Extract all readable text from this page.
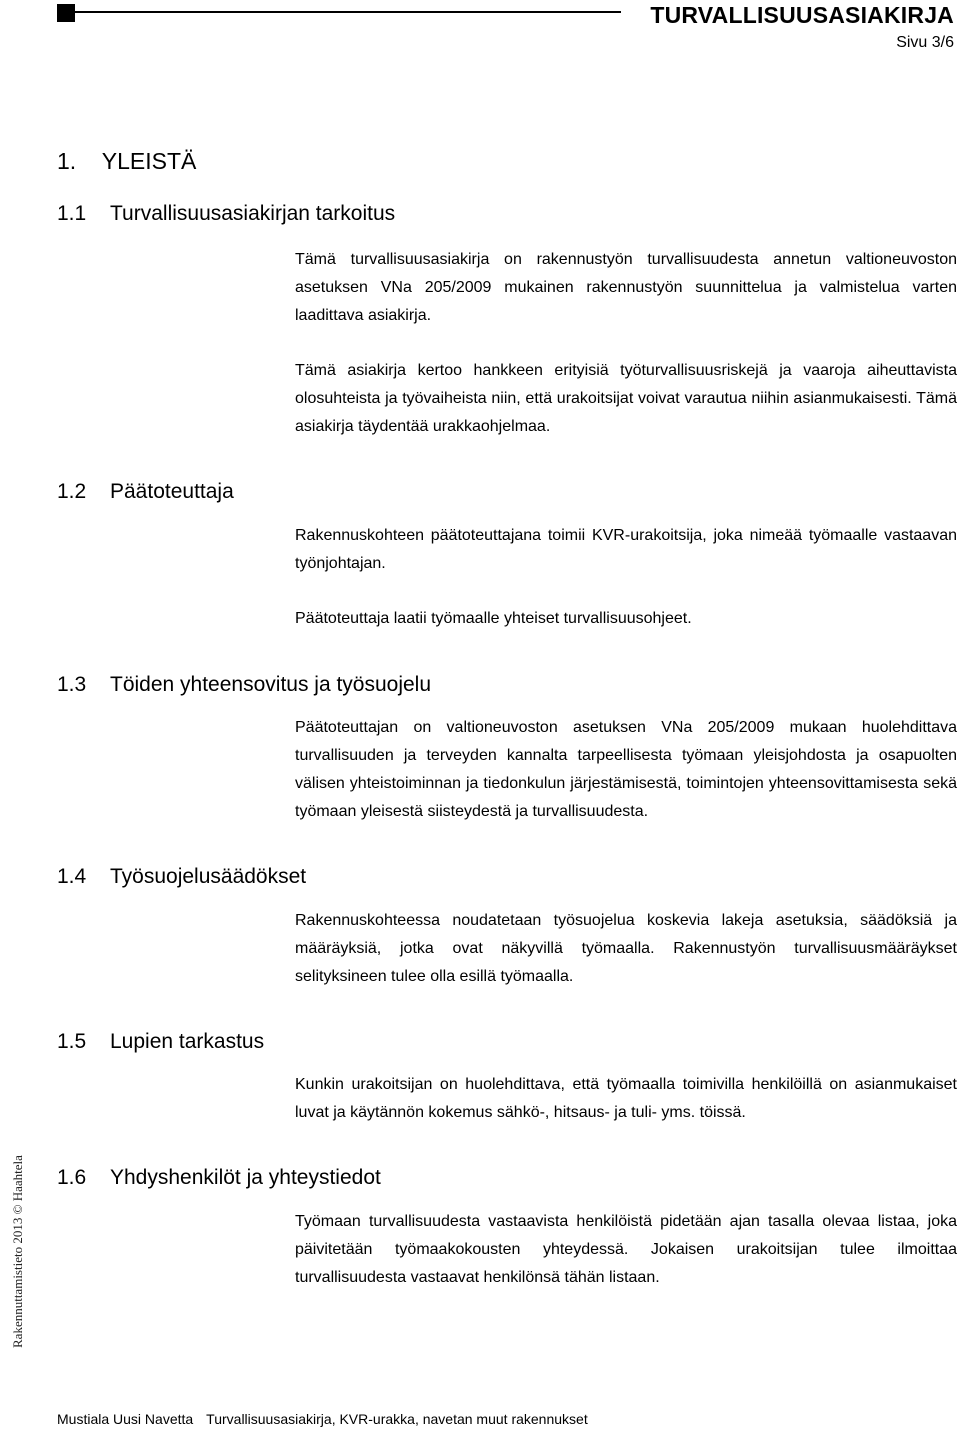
TURVALLISUUSASIAKIRJA
Sivu 3/6
1. YLEISTÄ
1.1 Turvallisuusasiakirjan tarkoitus

Tämä turvallisuusasiakirja on rakennustyön turvallisuudesta annetun valtioneuvoston asetuksen VNa 205/2009 mukainen rakennustyön suunnittelua ja valmistelua varten laadittava asiakirja.

Tämä asiakirja kertoo hankkeen erityisiä työturvallisuusriskejä ja vaaroja aiheuttavista olosuhteista ja työvaiheista niin, että urakoitsijat voivat varautua niihin asianmukaisesti. Tämä asiakirja täydentää urakkaohjelmaa.

1.2 Päätoteuttaja

Rakennuskohteen päätoteuttajana toimii KVR-urakoitsija, joka nimeää työmaalle vastaavan työnjohtajan.

Päätoteuttaja laatii työmaalle yhteiset turvallisuusohjeet.

1.3 Töiden yhteensovitus ja työsuojelu

Päätoteuttajan on valtioneuvoston asetuksen VNa 205/2009 mukaan huolehdittava turvallisuuden ja terveyden kannalta tarpeellisesta työmaan yleisjohdosta ja osapuolten välisen yhteistoiminnan ja tiedonkulun järjestämisestä, toimintojen yhteensovittamisesta sekä työmaan yleisestä siisteydestä ja turvallisuudesta.

1.4 Työsuojelusäädökset

Rakennuskohteessa noudatetaan työsuojelua koskevia lakeja asetuksia, säädöksiä ja määräyksiä, jotka ovat näkyvillä työmaalla. Rakennustyön turvallisuusmääräykset selityksineen tulee olla esillä työmaalla.

1.5 Lupien tarkastus

Kunkin urakoitsijan on huolehdittava, että työmaalla toimivilla henkilöillä on asianmukaiset luvat ja käytännön kokemus sähkö-, hitsaus- ja tuli- yms. töissä.

1.6 Yhdyshenkilöt ja yhteystiedot

Työmaan turvallisuudesta vastaavista henkilöistä pidetään ajan tasalla olevaa listaa, joka päivitetään työmaakokousten yhteydessä. Jokaisen urakoitsijan tulee ilmoittaa turvallisuudesta vastaavat henkilönsä tähän listaan.

Rakennuttamistieto 2013 © Haahtela
Mustiala Uusi Navetta Turvallisuusasiakirja, KVR-urakka, navetan muut rakennukset
